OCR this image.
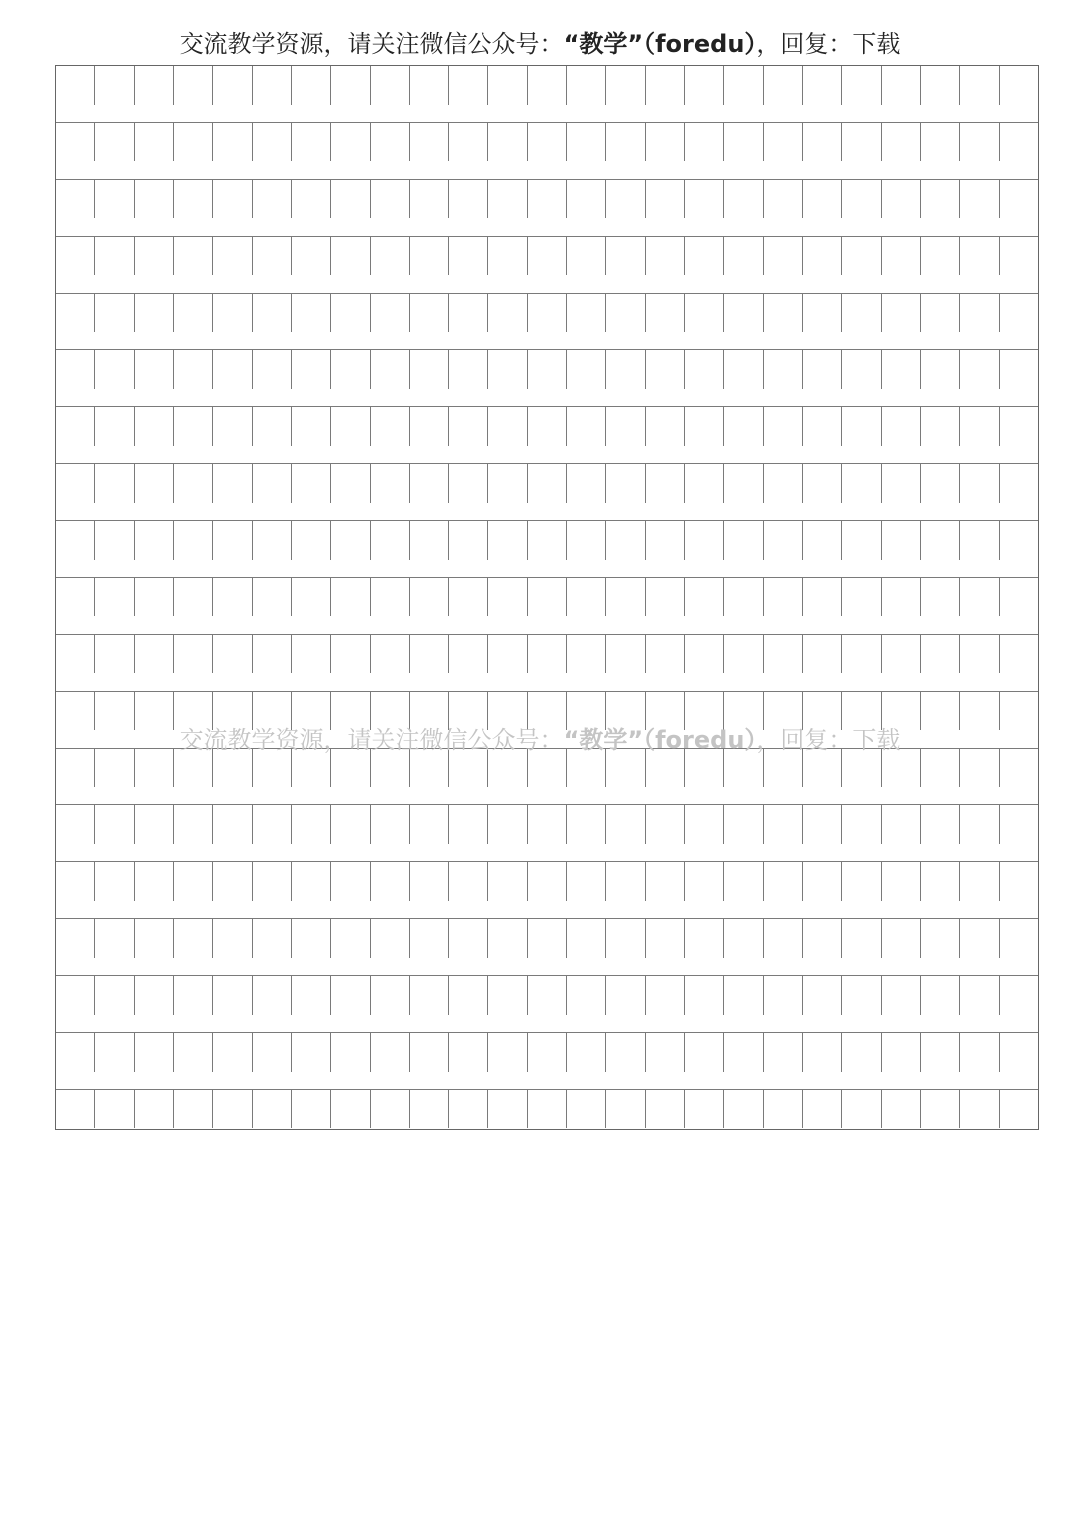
交流教学资源，请关注微信公众号：“教学”（foredu），回复：下载
交流教学资源，请关注微信公众号：“教学”（foredu），回复：下载
